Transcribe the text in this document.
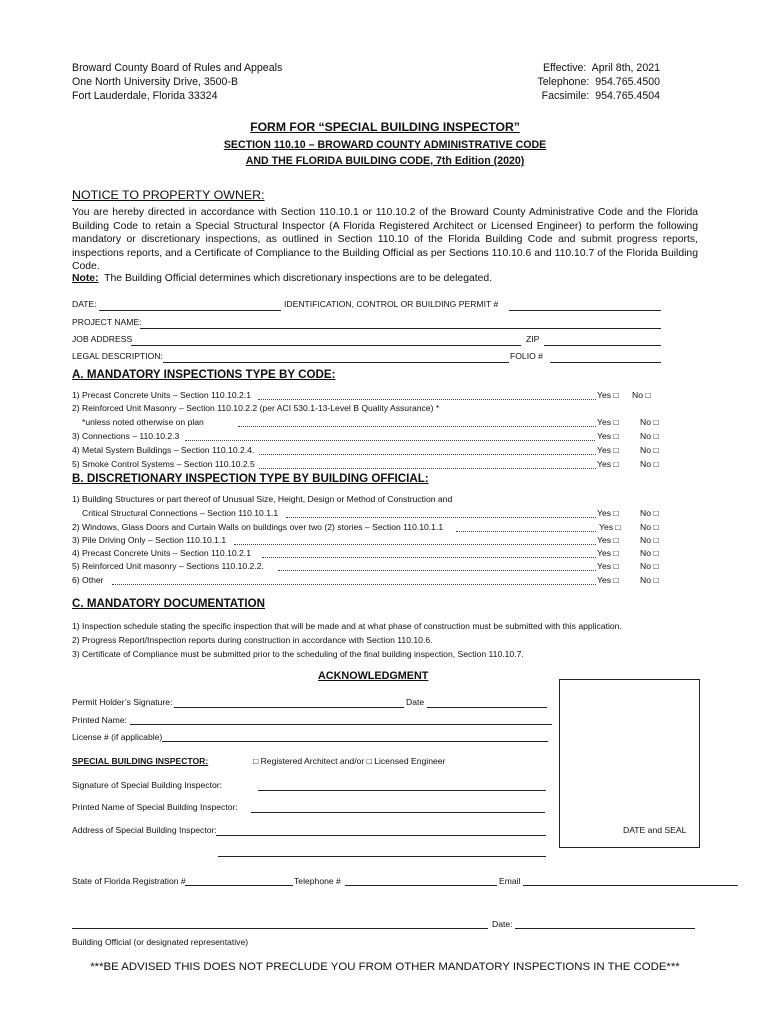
Broward County Board of Rules and Appeals
One North University Drive, 3500-B
Fort Lauderdale, Florida 33324
Effective: April 8th, 2021
Telephone: 954.765.4500
Facsimile: 954.765.4504
FORM FOR “SPECIAL BUILDING INSPECTOR”
SECTION 110.10 – BROWARD COUNTY ADMINISTRATIVE CODE
AND THE FLORIDA BUILDING CODE, 7th Edition (2020)
NOTICE TO PROPERTY OWNER:
You are hereby directed in accordance with Section 110.10.1 or 110.10.2 of the Broward County Administrative Code and the Florida Building Code to retain a Special Structural Inspector (A Florida Registered Architect or Licensed Engineer) to perform the following mandatory or discretionary inspections, as outlined in Section 110.10 of the Florida Building Code and submit progress reports, inspections reports, and a Certificate of Compliance to the Building Official as per Sections 110.10.6 and 110.10.7 of the Florida Building Code.
Note: The Building Official determines which discretionary inspections are to be delegated.
DATE:	IDENTIFICATION, CONTROL OR BUILDING PERMIT #
PROJECT NAME:
JOB ADDRESS	ZIP
LEGAL DESCRIPTION:	FOLIO #
A. MANDATORY INSPECTIONS TYPE BY CODE:
1) Precast Concrete Units – Section 110.10.2.1	Yes □ No □
2) Reinforced Unit Masonry – Section 110.10.2.2 (per ACI 530.1-13-Level B Quality Assurance) *
*unless noted otherwise on plan	Yes □ No □
3) Connections – 110.10.2.3	Yes □ No □
4) Metal System Buildings – Section 110.10.2.4.	Yes □ No □
5) Smoke Control Systems – Section 110.10.2.5	Yes □ No □
B. DISCRETIONARY INSPECTION TYPE BY BUILDING OFFICIAL:
1) Building Structures or part thereof of Unusual Size, Height, Design or Method of Construction and
Critical Structural Connections – Section 110.10.1.1	Yes □ No □
2) Windows, Glass Doors and Curtain Walls on buildings over two (2) stories – Section 110.10.1.1	Yes □ No □
3) Pile Driving Only – Section 110.10.1.1	Yes □ No □
4) Precast Concrete Units – Section 110.10.2.1	Yes □ No □
5) Reinforced Unit masonry – Sections 110.10.2.2.	Yes □ No □
6) Other	Yes □ No □
C. MANDATORY DOCUMENTATION
1) Inspection schedule stating the specific inspection that will be made and at what phase of construction must be submitted with this application.
2) Progress Report/Inspection reports during construction in accordance with Section 110.10.6.
3) Certificate of Compliance must be submitted prior to the scheduling of the final building inspection, Section 110.10.7.
ACKNOWLEDGMENT
Permit Holder’s Signature:	Date
Printed Name:
License # (if applicable)
SPECIAL BUILDING INSPECTOR:	□ Registered Architect and/or □ Licensed Engineer
Signature of Special Building Inspector:
Printed Name of Special Building Inspector:
Address of Special Building Inspector:	DATE and SEAL
State of Florida Registration #	Telephone #	Email
Date:
Building Official (or designated representative)
***BE ADVISED THIS DOES NOT PRECLUDE YOU FROM OTHER MANDATORY INSPECTIONS IN THE CODE***
